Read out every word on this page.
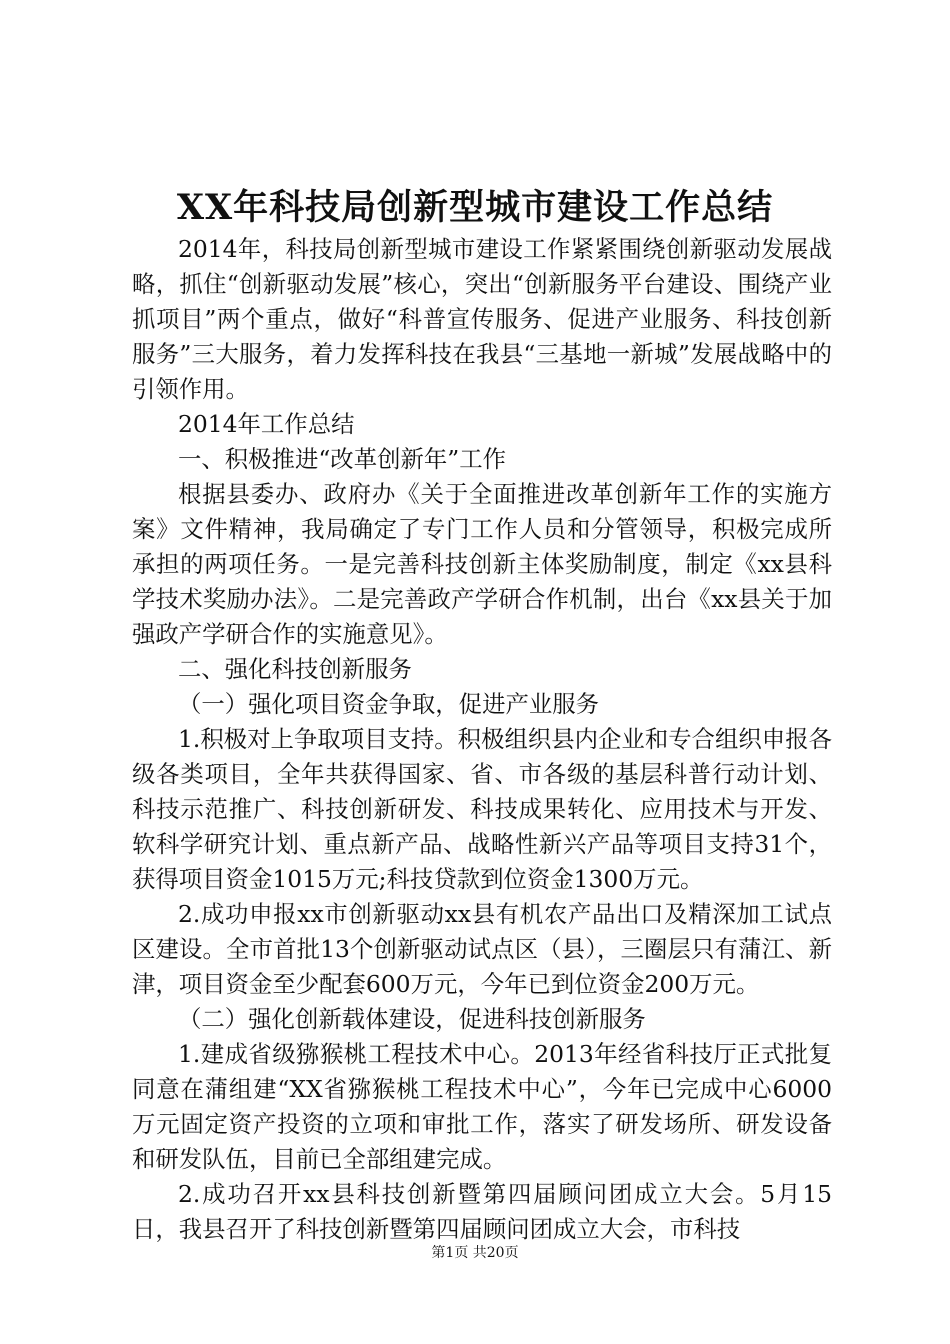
XX年科技局创新型城市建设工作总结

2014年，科技局创新型城市建设工作紧紧围绕创新驱动发展战略，抓住“创新驱动发展”核心，突出“创新服务平台建设、围绕产业抓项目”两个重点，做好“科普宣传服务、促进产业服务、科技创新服务”三大服务，着力发挥科技在我县“三基地一新城”发展战略中的引领作用。

2014年工作总结

一、积极推进“改革创新年”工作

根据县委办、政府办《关于全面推进改革创新年工作的实施方案》文件精神，我局确定了专门工作人员和分管领导，积极完成所承担的两项任务。一是完善科技创新主体奖励制度，制定《xx县科学技术奖励办法》。二是完善政产学研合作机制，出台《xx县关于加强政产学研合作的实施意见》。

二、强化科技创新服务

（一）强化项目资金争取，促进产业服务

1.积极对上争取项目支持。积极组织县内企业和专合组织申报各级各类项目，全年共获得国家、省、市各级的基层科普行动计划、科技示范推广、科技创新研发、科技成果转化、应用技术与开发、软科学研究计划、重点新产品、战略性新兴产品等项目支持31个，获得项目资金1015万元;科技贷款到位资金1300万元。

2.成功申报xx市创新驱动xx县有机农产品出口及精深加工试点区建设。全市首批13个创新驱动试点区（县），三圈层只有蒲江、新津，项目资金至少配套600万元，今年已到位资金200万元。

（二）强化创新载体建设，促进科技创新服务

1.建成省级猕猴桃工程技术中心。2013年经省科技厅正式批复同意在蒲组建“XX省猕猴桃工程技术中心”，今年已完成中心6000万元固定资产投资的立项和审批工作，落实了研发场所、研发设备和研发队伍，目前已全部组建完成。

2.成功召开xx县科技创新暨第四届顾问团成立大会。5月15日，我县召开了科技创新暨第四届顾问团成立大会，市科技

第1页 共20页
